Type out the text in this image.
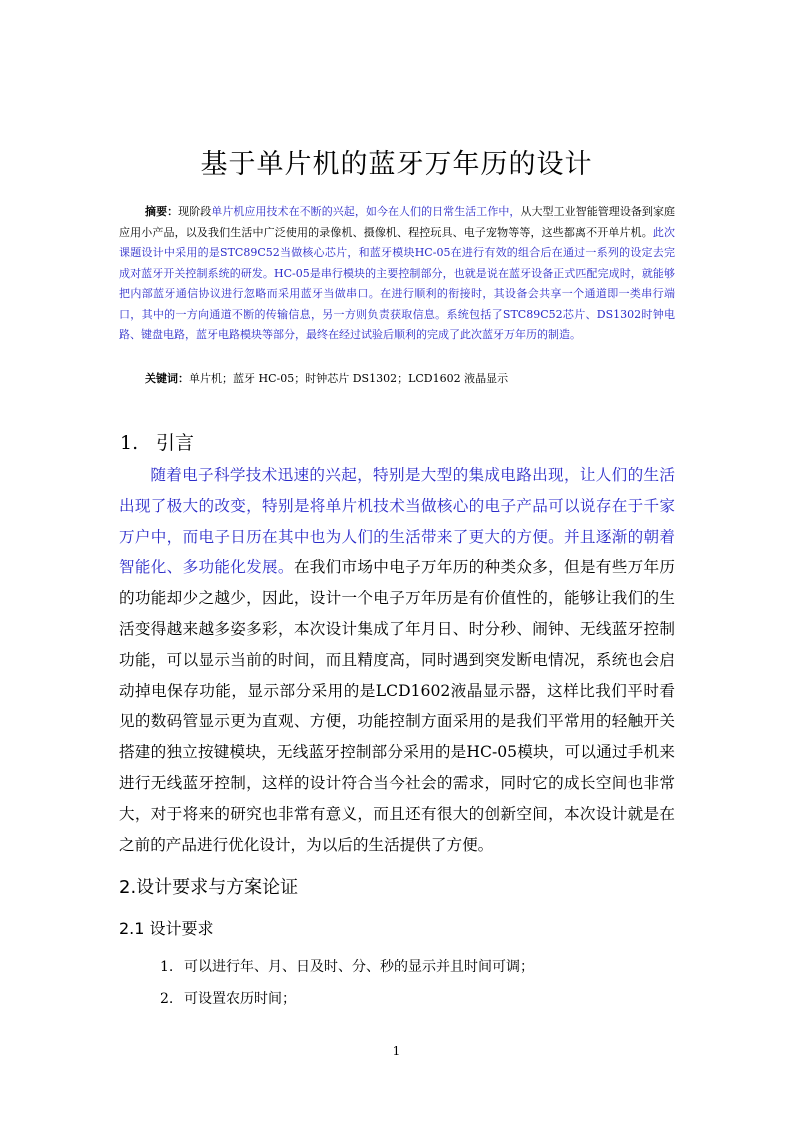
基于单片机的蓝牙万年历的设计
摘要：现阶段单片机应用技术在不断的兴起，如今在人们的日常生活工作中，从大型工业智能管理设备到家庭应用小产品，以及我们生活中广泛使用的录像机、摄像机、程控玩具、电子宠物等等，这些都离不开单片机。此次课题设计中采用的是STC89C52当做核心芯片，和蓝牙模块HC-05在进行有效的组合后在通过一系列的设定去完成对蓝牙开关控制系统的研发。HC-05是串行模块的主要控制部分，也就是说在蓝牙设备正式匹配完成时，就能够把内部蓝牙通信协议进行忽略而采用蓝牙当做串口。在进行顺利的衔接时，其设备会共享一个通道即一类串行端口，其中的一方向通道不断的传输信息，另一方则负责获取信息。系统包括了STC89C52芯片、DS1302时钟电路、键盘电路，蓝牙电路模块等部分，最终在经过试验后顺利的完成了此次蓝牙万年历的制造。
关键词：单片机；蓝牙 HC-05；时钟芯片 DS1302；LCD1602 液晶显示
1. 引言
随着电子科学技术迅速的兴起，特别是大型的集成电路出现，让人们的生活出现了极大的改变，特别是将单片机技术当做核心的电子产品可以说存在于千家万户中，而电子日历在其中也为人们的生活带来了更大的方便。并且逐渐的朝着智能化、多功能化发展。在我们市场中电子万年历的种类众多，但是有些万年历的功能却少之越少，因此，设计一个电子万年历是有价值性的，能够让我们的生活变得越来越多姿多彩，本次设计集成了年月日、时分秒、闹钟、无线蓝牙控制功能，可以显示当前的时间，而且精度高，同时遇到突发断电情况，系统也会启动掉电保存功能，显示部分采用的是LCD1602液晶显示器，这样比我们平时看见的数码管显示更为直观、方便，功能控制方面采用的是我们平常用的轻触开关搭建的独立按键模块，无线蓝牙控制部分采用的是HC-05模块，可以通过手机来进行无线蓝牙控制，这样的设计符合当今社会的需求，同时它的成长空间也非常大，对于将来的研究也非常有意义，而且还有很大的创新空间，本次设计就是在之前的产品进行优化设计，为以后的生活提供了方便。
2.设计要求与方案论证
2.1 设计要求
1. 可以进行年、月、日及时、分、秒的显示并且时间可调；
2. 可设置农历时间；
1
